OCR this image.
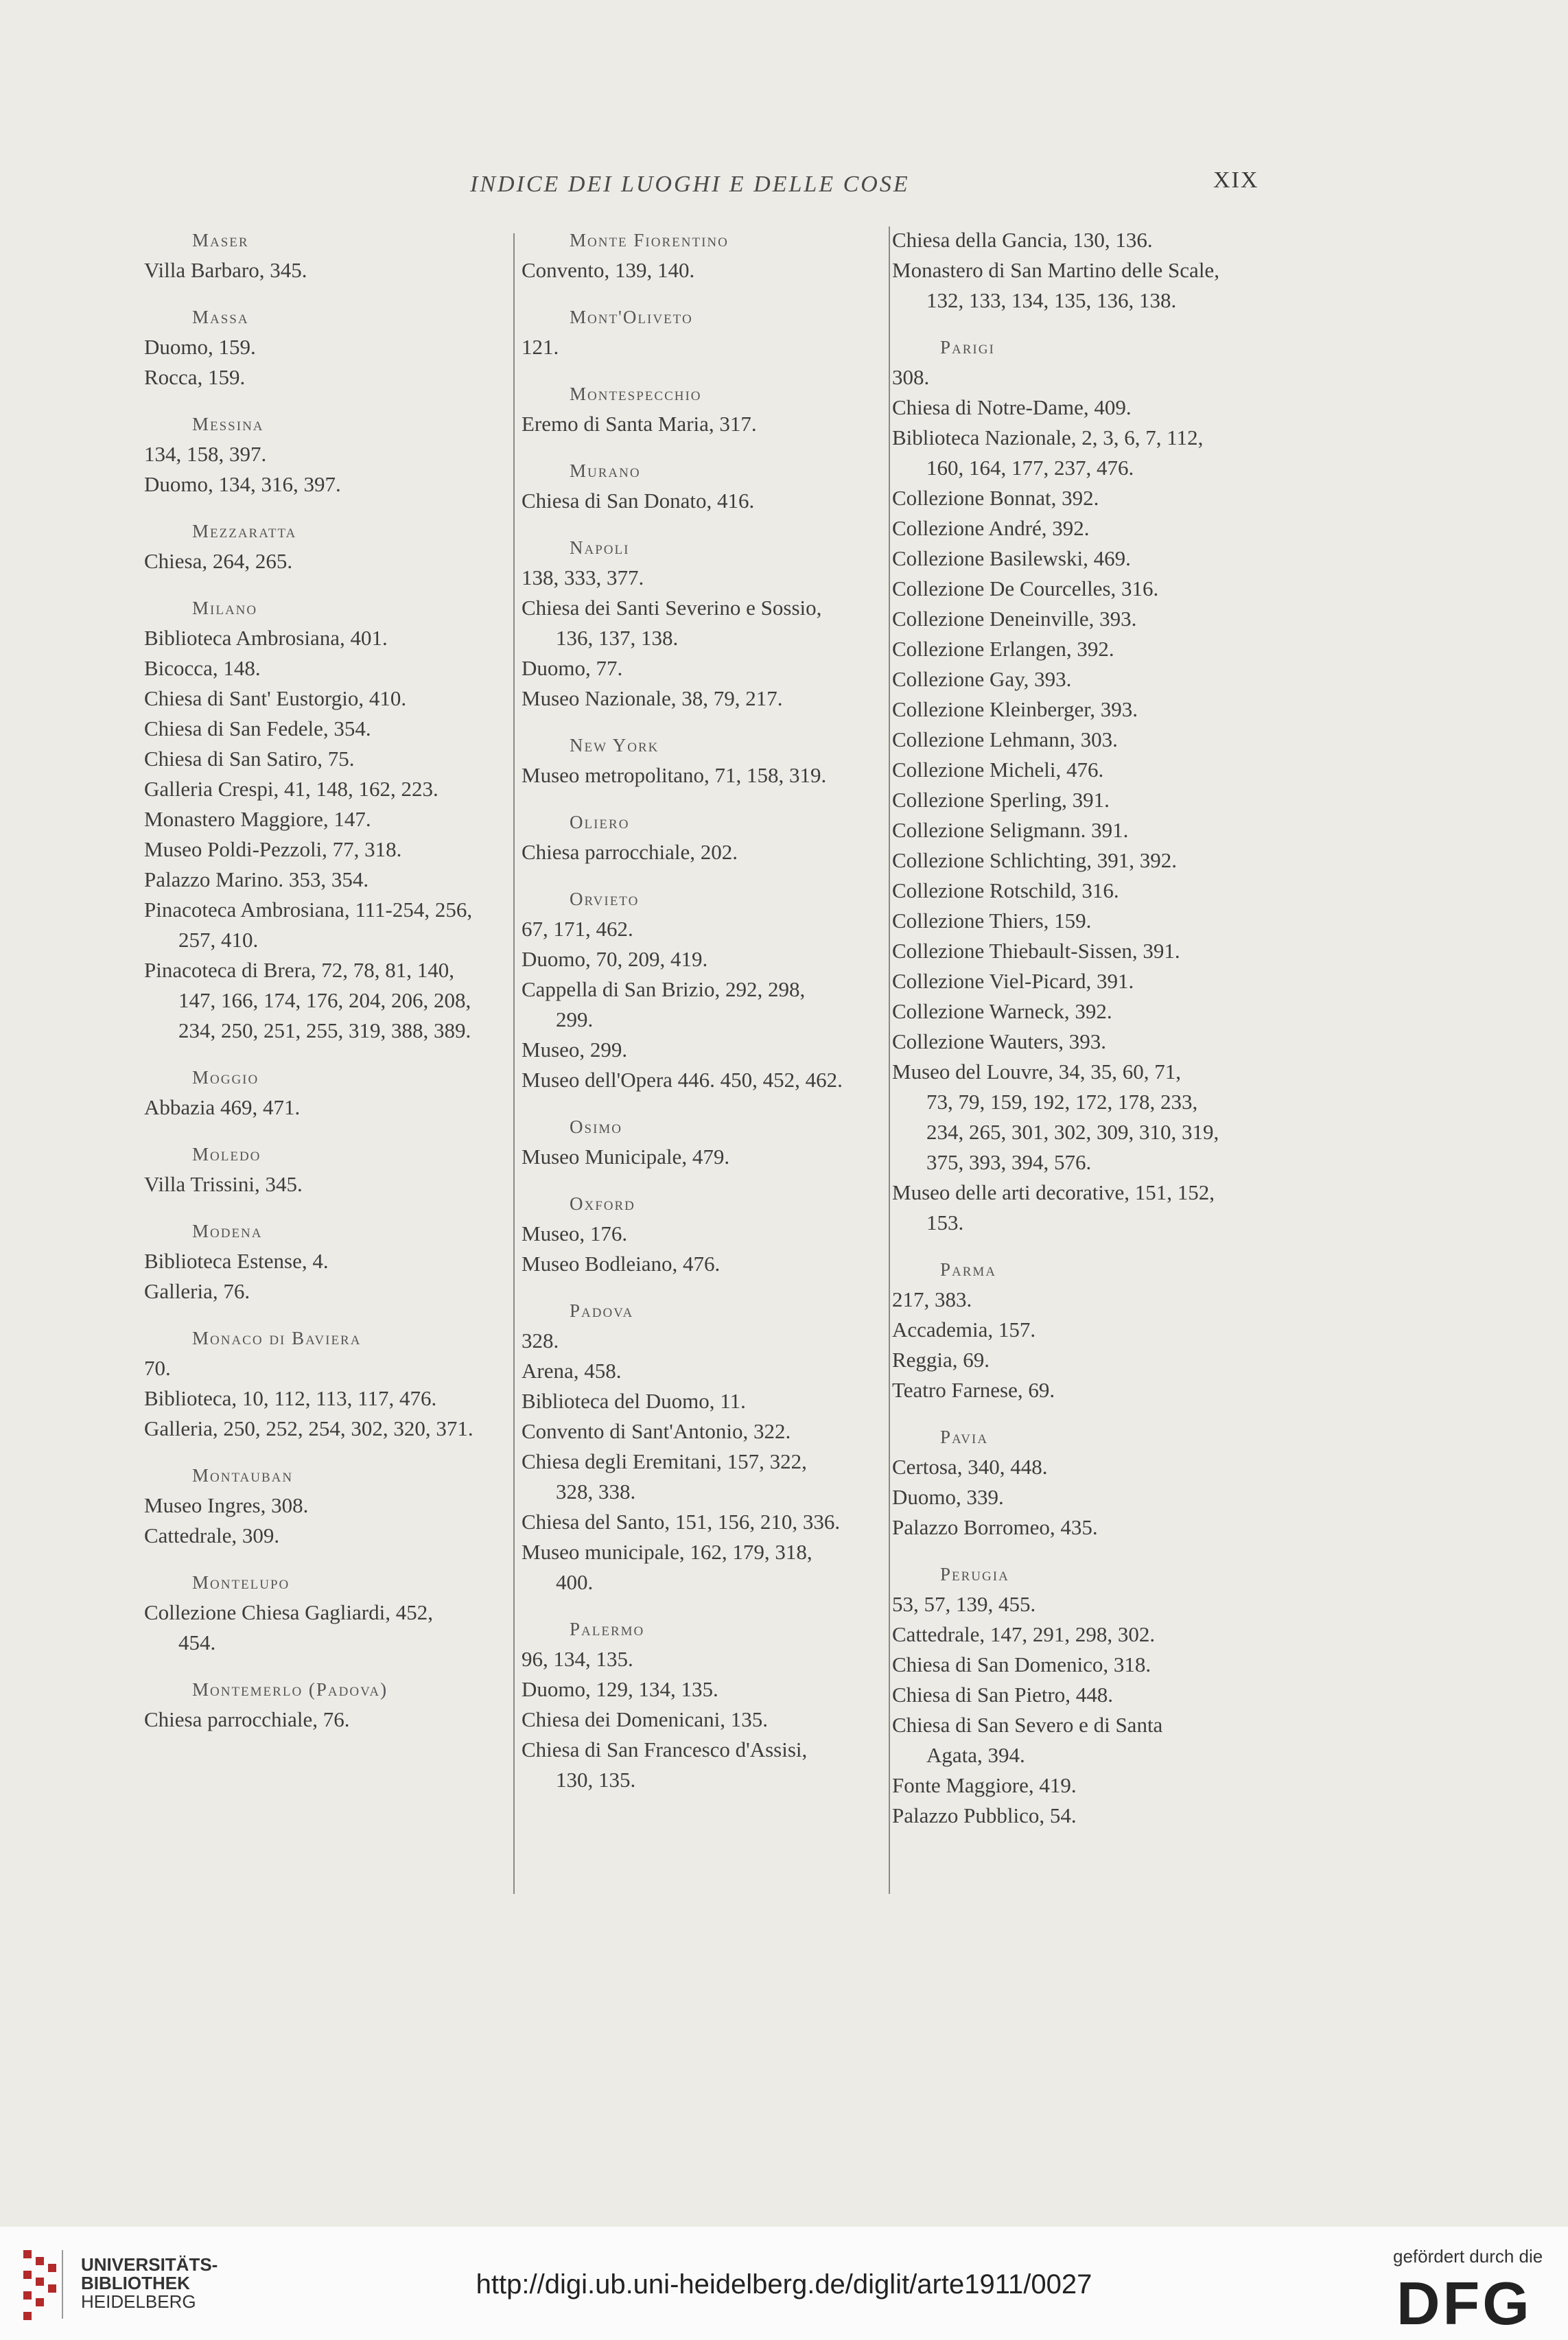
INDICE DEI LUOGHI E DELLE COSE	XIX
Maser
Villa Barbaro, 345.
Massa
Duomo, 159.
Rocca, 159.
Messina
134, 158, 397.
Duomo, 134, 316, 397.
Mezzaratta
Chiesa, 264, 265.
Milano
Biblioteca Ambrosiana, 401.
Bicocca, 148.
Chiesa di Sant' Eustorgio, 410.
Chiesa di San Fedele, 354.
Chiesa di San Satiro, 75.
Galleria Crespi, 41, 148, 162, 223.
Monastero Maggiore, 147.
Museo Poldi-Pezzoli, 77, 318.
Palazzo Marino. 353, 354.
Pinacoteca Ambrosiana, 111-254, 256,
257, 410.
Pinacoteca di Brera, 72, 78, 81, 140,
147, 166, 174, 176, 204, 206, 208,
234, 250, 251, 255, 319, 388, 389.
Moggio
Abbazia 469, 471.
Moledo
Villa Trissini, 345.
Modena
Biblioteca Estense, 4.
Galleria, 76.
Monaco di Baviera
70.
Biblioteca, 10, 112, 113, 117, 476.
Galleria, 250, 252, 254, 302, 320, 371.
Montauban
Museo Ingres, 308.
Cattedrale, 309.
Montelupo
Collezione Chiesa Gagliardi, 452,
454.
Montemerlo (Padova)
Chiesa parrocchiale, 76.
Monte Fiorentino
Convento, 139, 140.
Mont'Oliveto
121.
Montespecchio
Eremo di Santa Maria, 317.
Murano
Chiesa di San Donato, 416.
Napoli
138, 333, 377.
Chiesa dei Santi Severino e Sossio,
136, 137, 138.
Duomo, 77.
Museo Nazionale, 38, 79, 217.
New York
Museo metropolitano, 71, 158, 319.
Oliero
Chiesa parrocchiale, 202.
Orvieto
67, 171, 462.
Duomo, 70, 209, 419.
Cappella di San Brizio, 292, 298,
299.
Museo, 299.
Museo dell'Opera 446. 450, 452, 462.
Osimo
Museo Municipale, 479.
Oxford
Museo, 176.
Museo Bodleiano, 476.
Padova
328.
Arena, 458.
Biblioteca del Duomo, 11.
Convento di Sant'Antonio, 322.
Chiesa degli Eremitani, 157, 322,
328, 338.
Chiesa del Santo, 151, 156, 210, 336.
Museo municipale, 162, 179, 318,
400.
Palermo
96, 134, 135.
Duomo, 129, 134, 135.
Chiesa dei Domenicani, 135.
Chiesa di San Francesco d'Assisi,
130, 135.
Chiesa della Gancia, 130, 136.
Monastero di San Martino delle Scale,
132, 133, 134, 135, 136, 138.
Parigi
308.
Chiesa di Notre-Dame, 409.
Biblioteca Nazionale, 2, 3, 6, 7, 112,
160, 164, 177, 237, 476.
Collezione Bonnat, 392.
Collezione André, 392.
Collezione Basilewski, 469.
Collezione De Courcelles, 316.
Collezione Deneinville, 393.
Collezione Erlangen, 392.
Collezione Gay, 393.
Collezione Kleinberger, 393.
Collezione Lehmann, 303.
Collezione Micheli, 476.
Collezione Sperling, 391.
Collezione Seligmann. 391.
Collezione Schlichting, 391, 392.
Collezione Rotschild, 316.
Collezione Thiers, 159.
Collezione Thiebault-Sissen, 391.
Collezione Viel-Picard, 391.
Collezione Warneck, 392.
Collezione Wauters, 393.
Museo del Louvre, 34, 35, 60, 71,
73, 79, 159, 192, 172, 178, 233,
234, 265, 301, 302, 309, 310, 319,
375, 393, 394, 576.
Museo delle arti decorative, 151, 152,
153.
Parma
217, 383.
Accademia, 157.
Reggia, 69.
Teatro Farnese, 69.
Pavia
Certosa, 340, 448.
Duomo, 339.
Palazzo Borromeo, 435.
Perugia
53, 57, 139, 455.
Cattedrale, 147, 291, 298, 302.
Chiesa di San Domenico, 318.
Chiesa di San Pietro, 448.
Chiesa di San Severo e di Santa
Agata, 394.
Fonte Maggiore, 419.
Palazzo Pubblico, 54.
UNIVERSITÄTS-
BIBLIOTHEK
HEIDELBERG
http://digi.ub.uni-heidelberg.de/diglit/arte1911/0027
gefördert durch die
DFG
